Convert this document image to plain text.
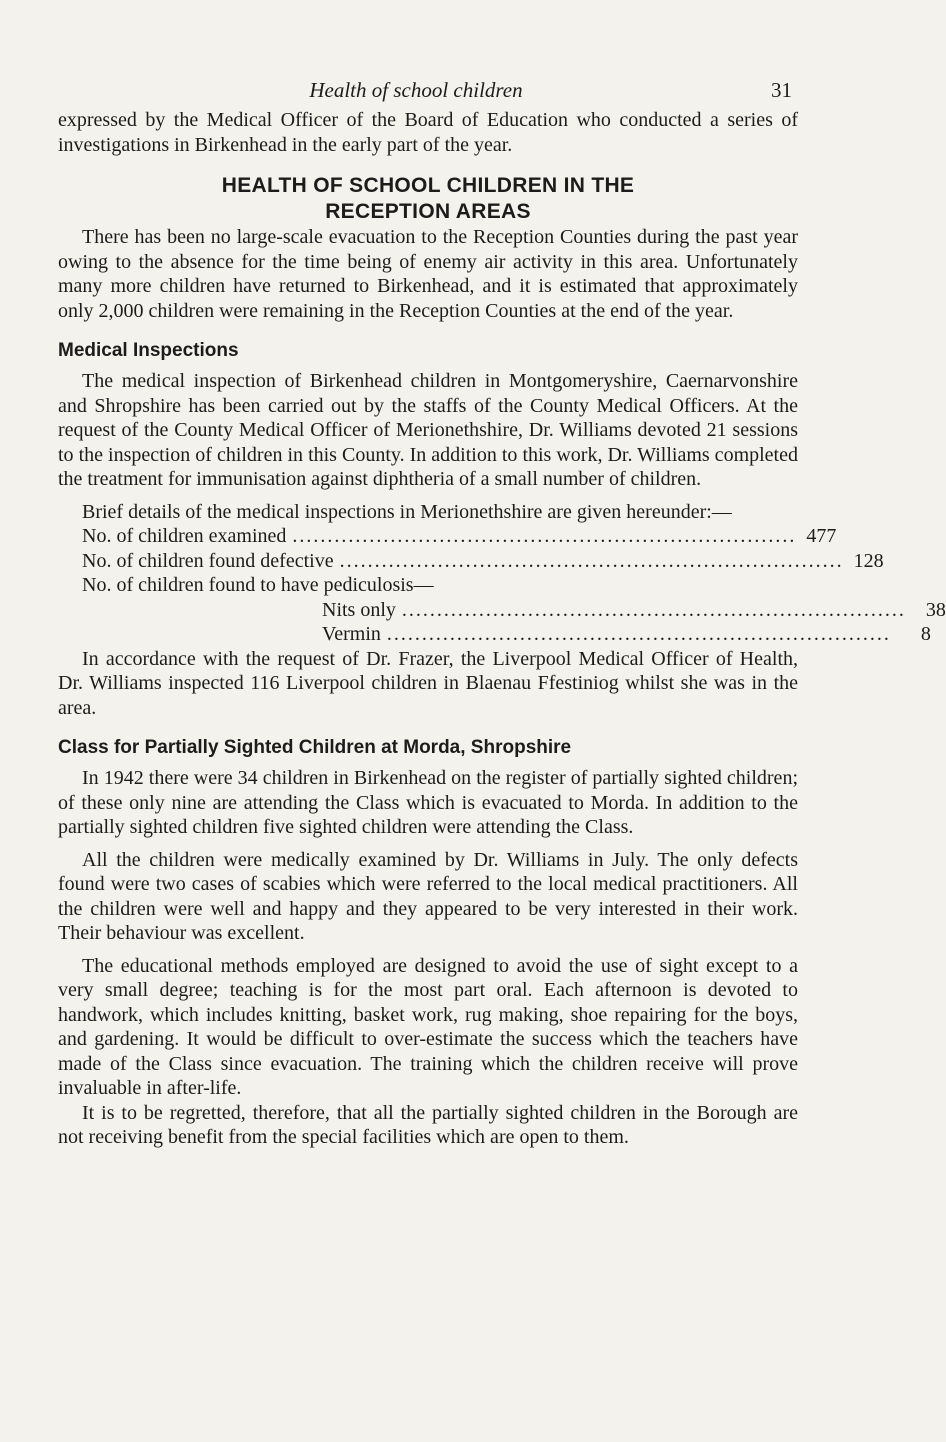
Health of school children	31

expressed by the Medical Officer of the Board of Education who conducted a series of investigations in Birkenhead in the early part of the year.

HEALTH OF SCHOOL CHILDREN IN THE
RECEPTION AREAS

There has been no large-scale evacuation to the Reception Counties during the past year owing to the absence for the time being of enemy air activity in this area. Unfortunately many more children have returned to Birkenhead, and it is estimated that approximately only 2,000 children were remaining in the Reception Counties at the end of the year.

Medical Inspections

The medical inspection of Birkenhead children in Montgomeryshire, Caernarvonshire and Shropshire has been carried out by the staffs of the County Medical Officers. At the request of the County Medical Officer of Merionethshire, Dr. Williams devoted 21 sessions to the inspection of children in this County. In addition to this work, Dr. Williams completed the treatment for immunisation against diphtheria of a small number of children.

Brief details of the medical inspections in Merionethshire are given hereunder:—

No. of children examined ........................................................................ 477
No. of children found defective ........................................................................ 128
No. of children found to have pediculosis—
Nits only ........................................................................	38
Vermin ........................................................................	8

In accordance with the request of Dr. Frazer, the Liverpool Medical Officer of Health, Dr. Williams inspected 116 Liverpool children in Blaenau Ffestiniog whilst she was in the area.

Class for Partially Sighted Children at Morda, Shropshire

In 1942 there were 34 children in Birkenhead on the register of partially sighted children; of these only nine are attending the Class which is evacuated to Morda. In addition to the partially sighted children five sighted children were attending the Class.

All the children were medically examined by Dr. Williams in July. The only defects found were two cases of scabies which were referred to the local medical practitioners. All the children were well and happy and they appeared to be very interested in their work. Their behaviour was excellent.

The educational methods employed are designed to avoid the use of sight except to a very small degree; teaching is for the most part oral. Each afternoon is devoted to handwork, which includes knitting, basket work, rug making, shoe repairing for the boys, and gardening. It would be difficult to over-estimate the success which the teachers have made of the Class since evacuation. The training which the children receive will prove invaluable in after-life.

It is to be regretted, therefore, that all the partially sighted children in the Borough are not receiving benefit from the special facilities which are open to them.
